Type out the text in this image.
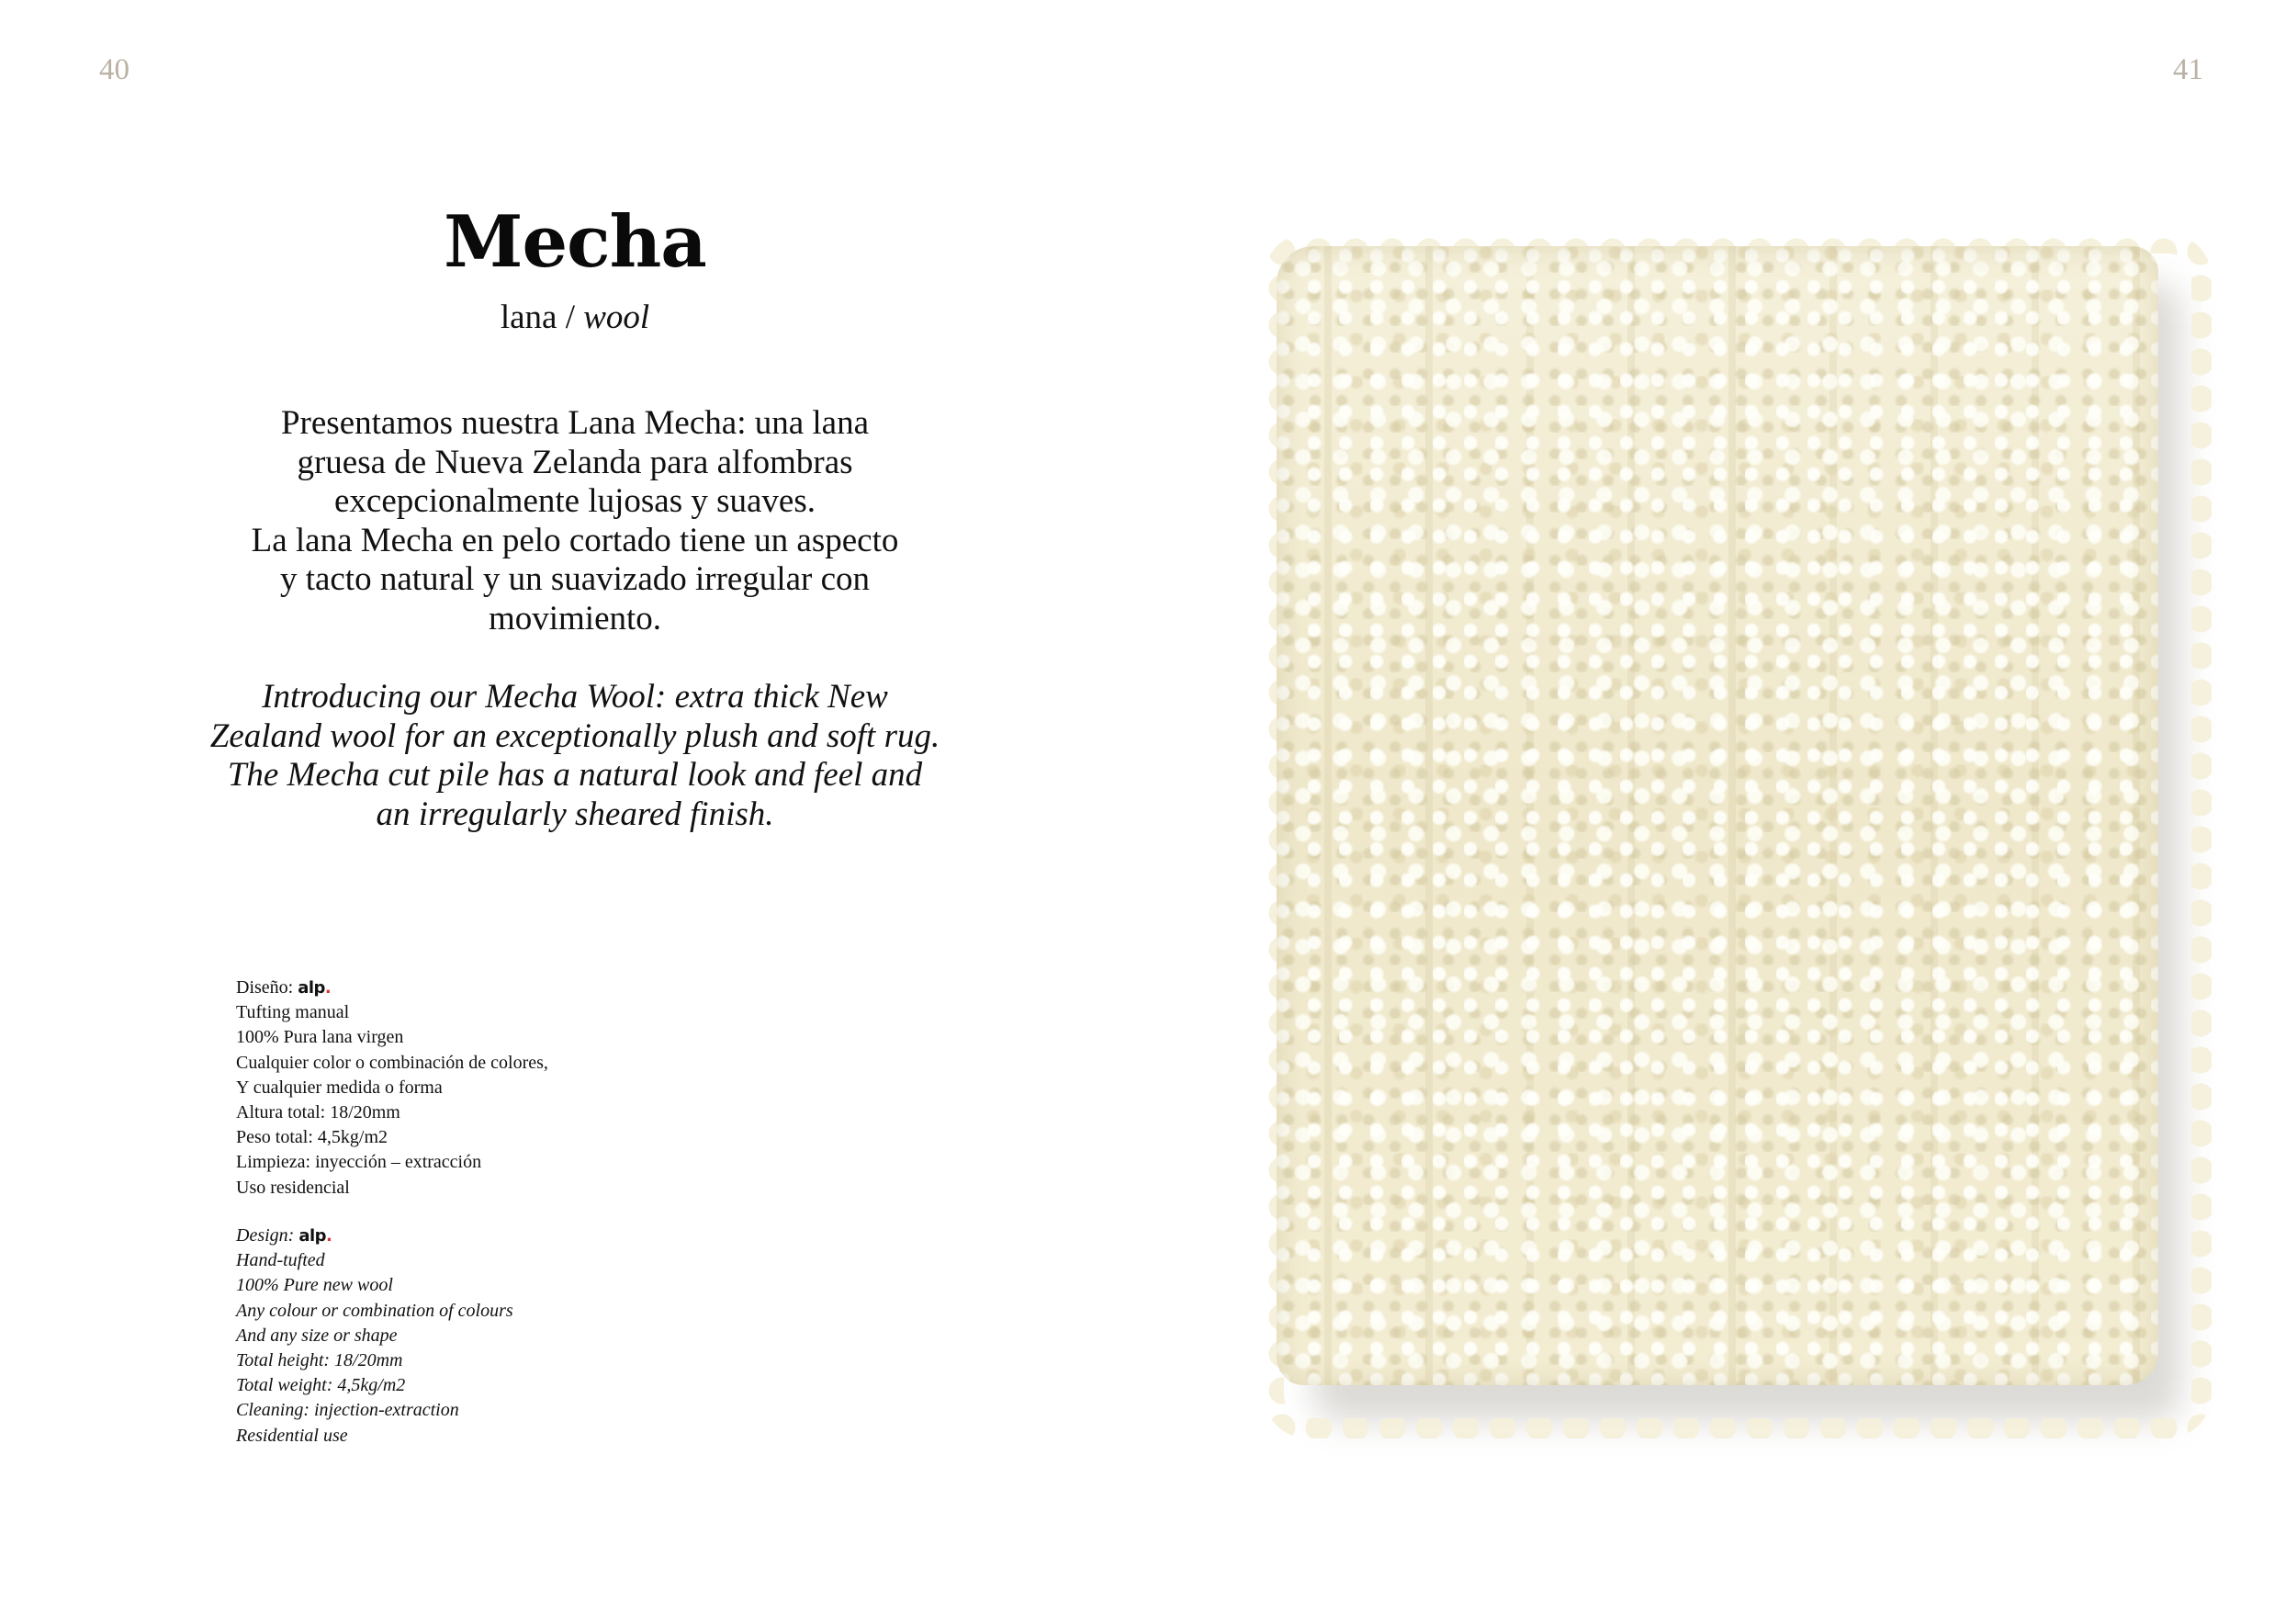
40	41
Mecha
lana / wool
Presentamos nuestra Lana Mecha: una lana
gruesa de Nueva Zelanda para alfombras
excepcionalmente lujosas y suaves.
La lana Mecha en pelo cortado tiene un aspecto
y tacto natural y un suavizado irregular con
movimiento.
Introducing our Mecha Wool: extra thick New
Zealand wool for an exceptionally plush and soft rug.
The Mecha cut pile has a natural look and feel and
an irregularly sheared finish.
Diseño: alp .
Tufting manual
100% Pura lana virgen
Cualquier color o combinación de colores,
Y cualquier medida o forma
Altura total: 18/20mm
Peso total: 4,5kg/m2
Limpieza: inyección – extracción
Uso residencial
Design: alp .
Hand-tufted
100% Pure new wool
Any colour or combination of colours
And any size or shape
Total height: 18/20mm
Total weight: 4,5kg/m2
Cleaning: injection-extraction
Residential use
